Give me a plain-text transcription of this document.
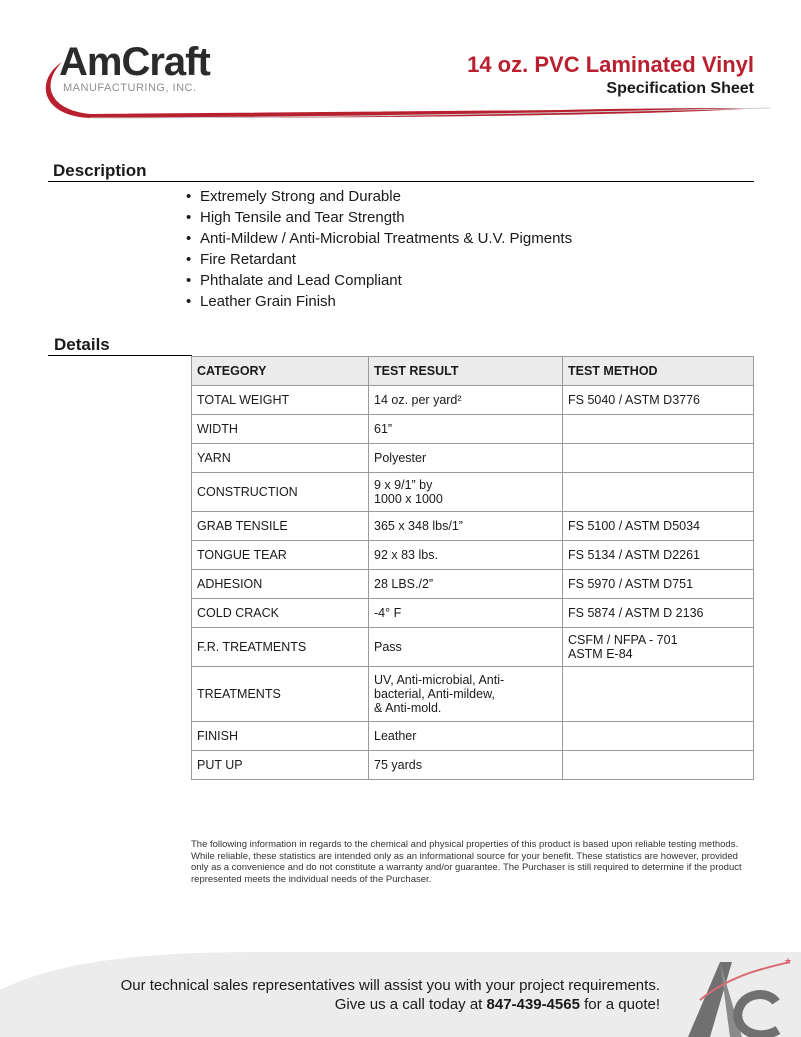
AmCraft
MANUFACTURING, INC.
14 oz. PVC Laminated Vinyl
Specification Sheet
Description
• Extremely Strong and Durable
• High Tensile and Tear Strength
• Anti-Mildew / Anti-Microbial Treatments & U.V. Pigments
• Fire Retardant
• Phthalate and Lead Compliant
• Leather Grain Finish
Details
CATEGORY	TEST RESULT	TEST METHOD
TOTAL WEIGHT	14 oz. per yard²	FS 5040 / ASTM D3776
WIDTH	61”	
YARN	Polyester	
CONSTRUCTION	9 x 9/1” by
1000 x 1000	
GRAB TENSILE	365 x 348 lbs/1”	FS 5100 / ASTM D5034
TONGUE TEAR	92 x 83 lbs.	FS 5134 / ASTM D2261
ADHESION	28 LBS./2”	FS 5970 / ASTM D751
COLD CRACK	-4° F	FS 5874 / ASTM D 2136
F.R. TREATMENTS	Pass	CSFM / NFPA - 701
ASTM E-84
TREATMENTS	UV, Anti-microbial, Anti-
bacterial, Anti-mildew,
& Anti-mold.	
FINISH	Leather	
PUT UP	75 yards	
The following information in regards to the chemical and physical properties of this product is based upon reliable testing methods. While reliable, these statistics are intended only as an informational source for your benefit. These statistics are however, provided only as a convenience and do not constitute a warranty and/or guarantee. The Purchaser is still required to determine if the product represented meets the individual needs of the Purchaser.
Our technical sales representatives will assist you with your project requirements.
Give us a call today at 847-439-4565 for a quote!
★
